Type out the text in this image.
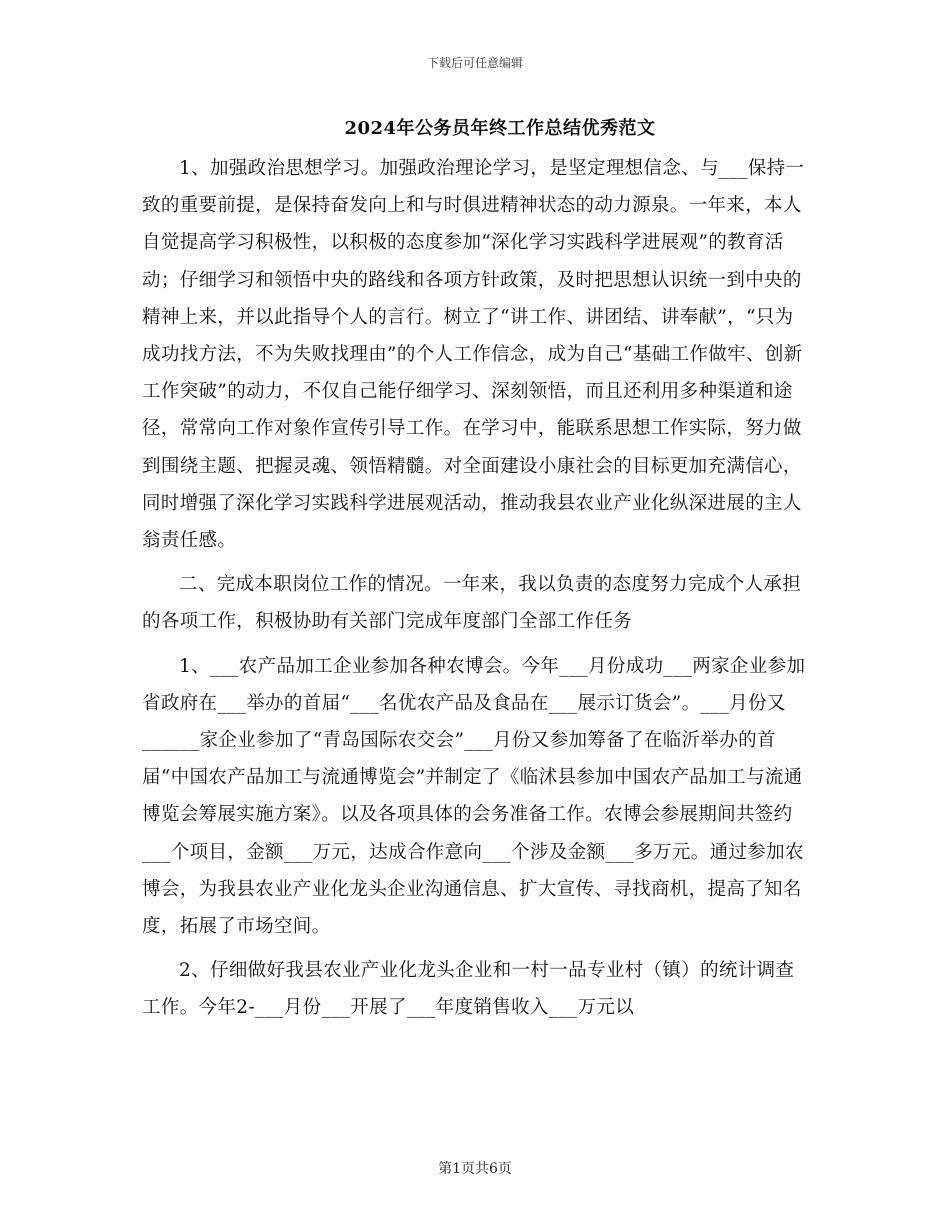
下载后可任意编辑
2024年公务员年终工作总结优秀范文

1、加强政治思想学习。加强政治理论学习，是坚定理想信念、与___保持一致的重要前提，是保持奋发向上和与时俱进精神状态的动力源泉。一年来，本人自觉提高学习积极性，以积极的态度参加“深化学习实践科学进展观”的教育活动；仔细学习和领悟中央的路线和各项方针政策，及时把思想认识统一到中央的精神上来，并以此指导个人的言行。树立了“讲工作、讲团结、讲奉献”，“只为成功找方法，不为失败找理由”的个人工作信念，成为自己“基础工作做牢、创新工作突破”的动力，不仅自己能仔细学习、深刻领悟，而且还利用多种渠道和途径，常常向工作对象作宣传引导工作。在学习中，能联系思想工作实际，努力做到围绕主题、把握灵魂、领悟精髓。对全面建设小康社会的目标更加充满信心，同时增强了深化学习实践科学进展观活动，推动我县农业产业化纵深进展的主人翁责任感。

二、完成本职岗位工作的情况。一年来，我以负责的态度努力完成个人承担的各项工作，积极协助有关部门完成年度部门全部工作任务

1、___农产品加工企业参加各种农博会。今年___月份成功___两家企业参加省政府在___举办的首届“___名优农产品及食品在___展示订货会”。___月份又______家企业参加了“青岛国际农交会”___月份又参加筹备了在临沂举办的首届“中国农产品加工与流通博览会”并制定了《临沭县参加中国农产品加工与流通博览会筹展实施方案》。以及各项具体的会务准备工作。农博会参展期间共签约___个项目，金额___万元，达成合作意向___个涉及金额___多万元。通过参加农博会，为我县农业产业化龙头企业沟通信息、扩大宣传、寻找商机，提高了知名度，拓展了市场空间。

2、仔细做好我县农业产业化龙头企业和一村一品专业村（镇）的统计调查工作。今年2-___月份___开展了___年度销售收入___万元以

第1页共6页
